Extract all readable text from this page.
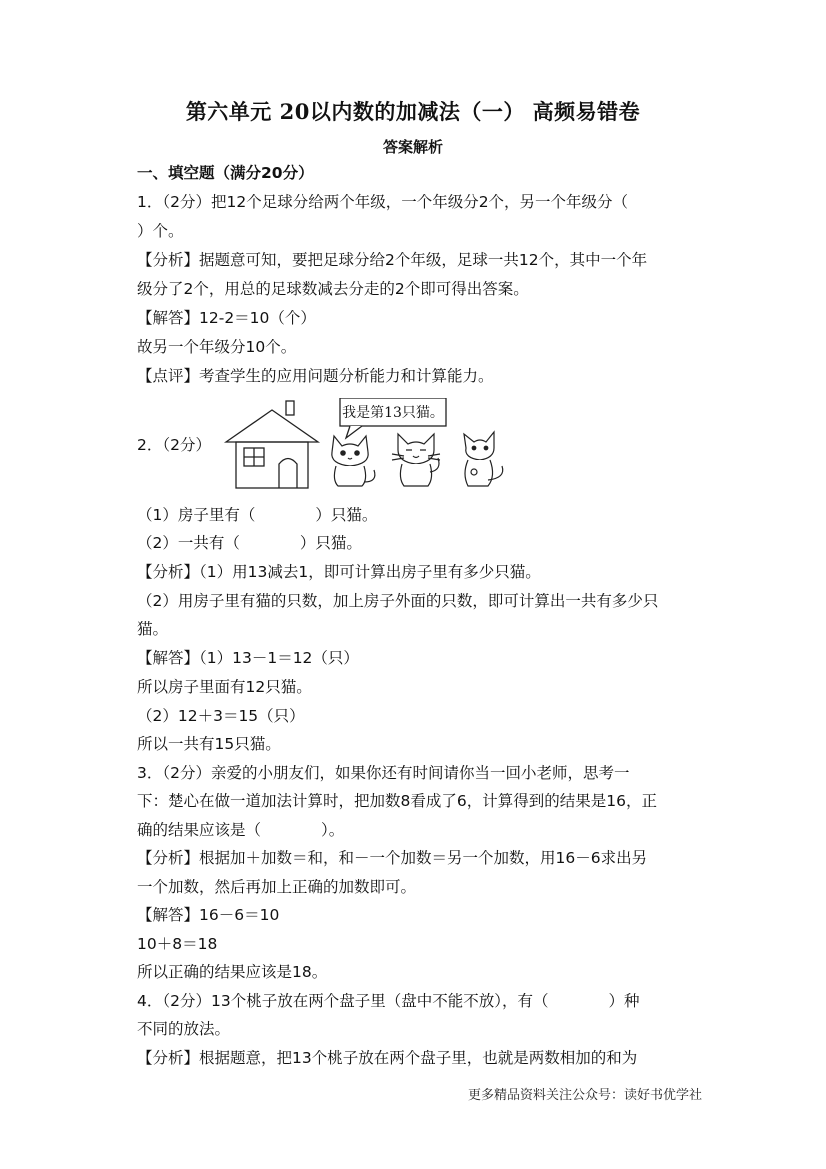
第六单元 20以内数的加减法（一） 高频易错卷
答案解析
一、填空题（满分20分）
1．（2分）把12个足球分给两个年级，一个年级分2个，另一个年级分（
）个。
【分析】据题意可知，要把足球分给2个年级，足球一共12个，其中一个年
级分了2个，用总的足球数减去分走的2个即可得出答案。
【解答】12-2＝10（个）
故另一个年级分10个。
【点评】考查学生的应用问题分析能力和计算能力。
2．（2分）
我是第13只猫。
（1）房子里有（	）只猫。
（2）一共有（	）只猫。
【分析】（1）用13减去1，即可计算出房子里有多少只猫。
（2）用房子里有猫的只数，加上房子外面的只数，即可计算出一共有多少只
猫。
【解答】（1）13－1＝12（只）
所以房子里面有12只猫。
（2）12＋3＝15（只）
所以一共有15只猫。
3．（2分）亲爱的小朋友们，如果你还有时间请你当一回小老师，思考一
下：楚心在做一道加法计算时，把加数8看成了6，计算得到的结果是16，正
确的结果应该是（	）。
【分析】根据加＋加数＝和，和－一个加数＝另一个加数，用16－6求出另
一个加数，然后再加上正确的加数即可。
【解答】16－6＝10
10＋8＝18
所以正确的结果应该是18。
4．（2分）13个桃子放在两个盘子里（盘中不能不放），有（	）种
不同的放法。
【分析】根据题意，把13个桃子放在两个盘子里，也就是两数相加的和为
更多精品资料关注公众号：读好书优学社
